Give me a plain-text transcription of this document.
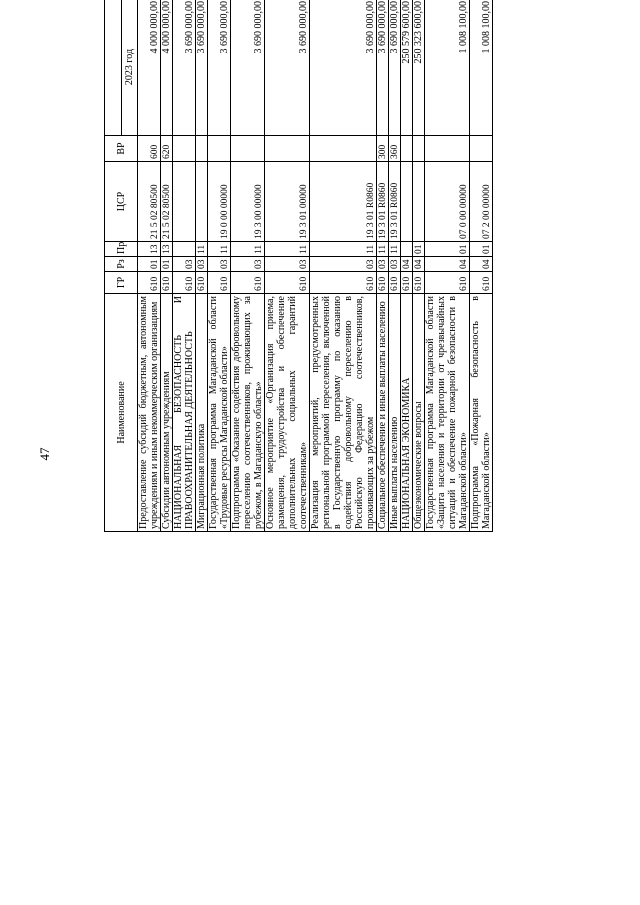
47
Наименование	ГР	Рз	Пр	ЦСР	ВР	
						2023 год		
Предоставление субсидий бюджетным, автономным учреждениям и иным некоммерческим организациям	610	01	13	21 5 02 80500	600	4 000 000,00		
Субсидии автономным учреждениям	610	01	13	21 5 02 80500	620	4 000 000,00		
НАЦИОНАЛЬНАЯ БЕЗОПАСНОСТЬ И ПРАВООХРАНИТЕЛЬНАЯ ДЕЯТЕЛЬНОСТЬ	610	03				3 690 000,00		
Миграционная политика	610	03	11			3 690 000,00		
Государственная программа Магаданской области «Трудовые ресурсы Магаданской области»	610	03	11	19 0 00 00000		3 690 000,00		
Подпрограмма «Оказание содействия добровольному переселению соотечественников, проживающих за рубежом, в Магаданскую область»	610	03	11	19 3 00 00000		3 690 000,00		
Основное мероприятие «Организация приема, размещения, трудоустройства и обеспечение дополнительных социальных гарантий соотечественникам»	610	03	11	19 3 01 00000		3 690 000,00		
Реализация мероприятий, предусмотренных региональной программой переселения, включенной в Государственную программу по оказанию содействия добровольному переселению в Российскую Федерацию соотечественников, проживающих за рубежом	610	03	11	19 3 01 R0860		3 690 000,00		
Социальное обеспечение и иные выплаты населению	610	03	11	19 3 01 R0860	300	3 690 000,00		
Иные выплаты населению	610	03	11	19 3 01 R0860	360	3 690 000,00		
НАЦИОНАЛЬНАЯ ЭКОНОМИКА	610	04				250 579 600,00		
Общеэкономические вопросы	610	04	01			250 323 600,00		
Государственная программа Магаданской области «Защита населения и территории от чрезвычайных ситуаций и обеспечение пожарной безопасности в Магаданской области»	610	04	01	07 0 00 00000		1 008 100,00		
Подпрограмма «Пожарная безопасность в Магаданской области»	610	04	01	07 2 00 00000		1 008 100,00		
